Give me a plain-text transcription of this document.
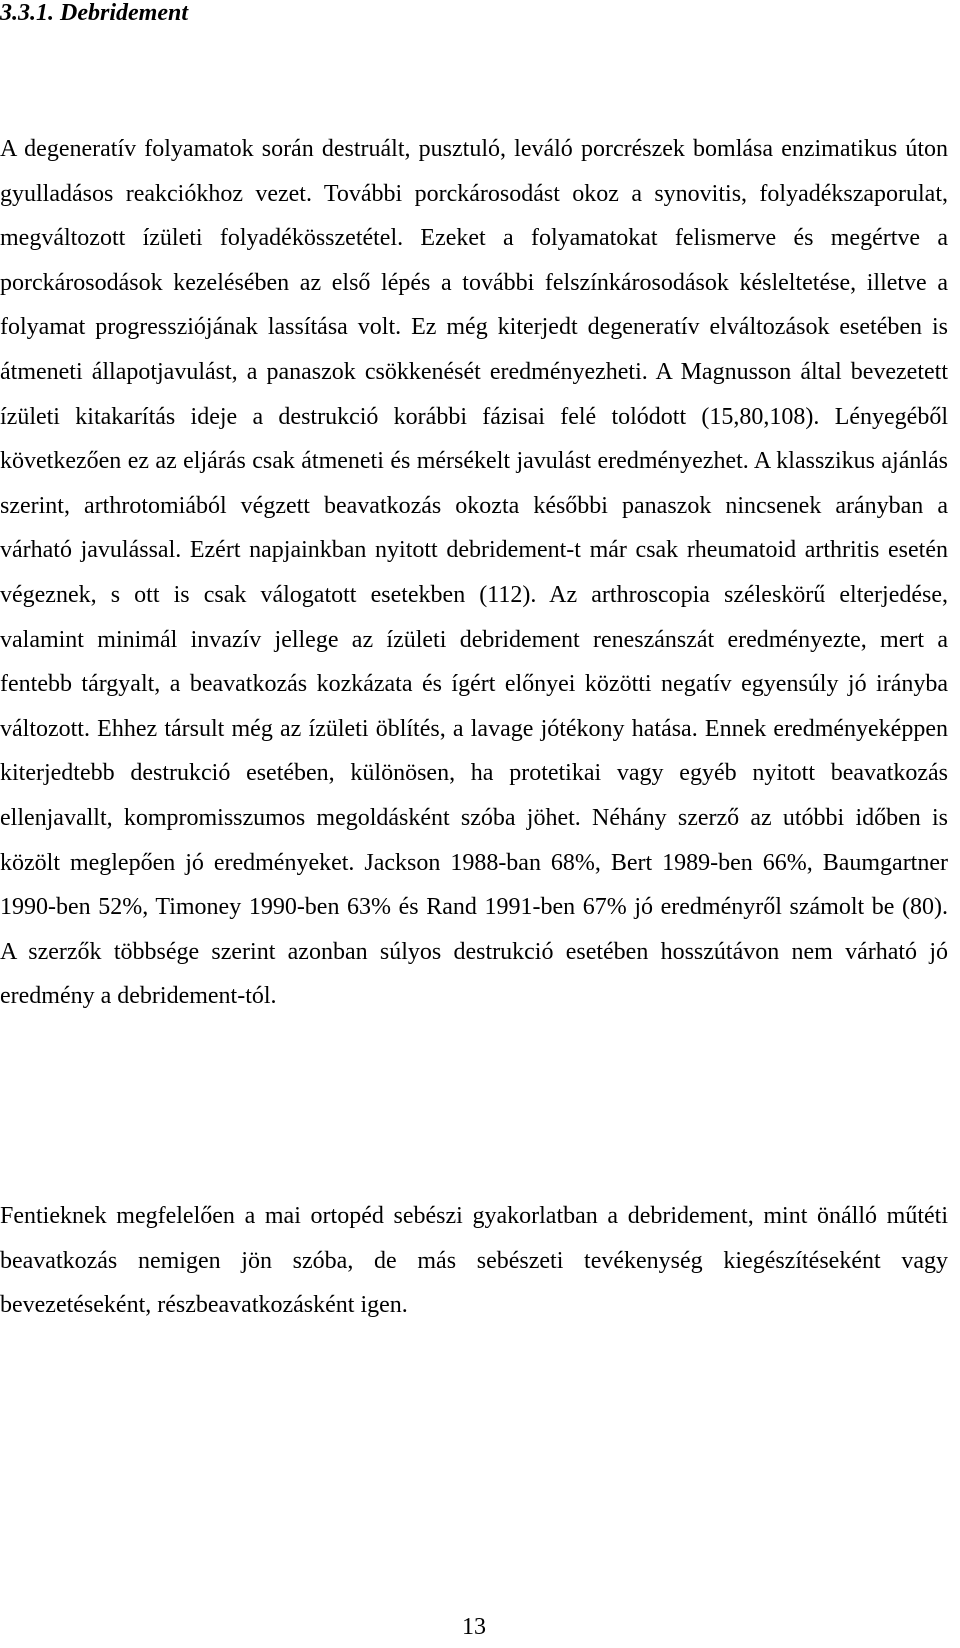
3.3.1. Debridement

A degeneratív folyamatok során destruált, pusztuló, leváló porcrészek bomlása enzimatikus úton gyulladásos reakciókhoz vezet. További porckárosodást okoz a synovitis, folyadékszaporulat, megváltozott ízületi folyadékösszetétel. Ezeket a folyamatokat felismerve és megértve a porckárosodások kezelésében az első lépés a további felszínkárosodások késleltetése, illetve a folyamat progressziójának lassítása volt. Ez még kiterjedt degeneratív elváltozások esetében is átmeneti állapotjavulást, a panaszok csökkenését eredményezheti. A Magnusson által bevezetett ízületi kitakarítás ideje a destrukció korábbi fázisai felé tolódott (15,80,108). Lényegéből következően ez az eljárás csak átmeneti és mérsékelt javulást eredményezhet. A klasszikus ajánlás szerint, arthrotomiából végzett beavatkozás okozta későbbi panaszok nincsenek arányban a várható javulással. Ezért napjainkban nyitott debridement-t már csak rheumatoid arthritis esetén végeznek, s ott is csak válogatott esetekben (112). Az arthroscopia széleskörű elterjedése, valamint minimál invazív jellege az ízületi debridement reneszánszát eredményezte, mert a fentebb tárgyalt, a beavatkozás kozkázata és ígért előnyei közötti negatív egyensúly jó irányba változott. Ehhez társult még az ízületi öblítés, a lavage jótékony hatása. Ennek eredményeképpen kiterjedtebb destrukció esetében, különösen, ha protetikai vagy egyéb nyitott beavatkozás ellenjavallt, kompromisszumos megoldásként szóba jöhet. Néhány szerző az utóbbi időben is közölt meglepően jó eredményeket. Jackson 1988-ban 68%, Bert 1989-ben 66%, Baumgartner 1990-ben 52%, Timoney 1990-ben 63% és Rand 1991-ben 67% jó eredményről számolt be (80). A szerzők többsége szerint azonban súlyos destrukció esetében hosszútávon nem várható jó eredmény a debridement-tól.

Fentieknek megfelelően a mai ortopéd sebészi gyakorlatban a debridement, mint önálló műtéti beavatkozás nemigen jön szóba, de más sebészeti tevékenység kiegészítéseként vagy bevezetéseként, részbeavatkozásként igen.

13
